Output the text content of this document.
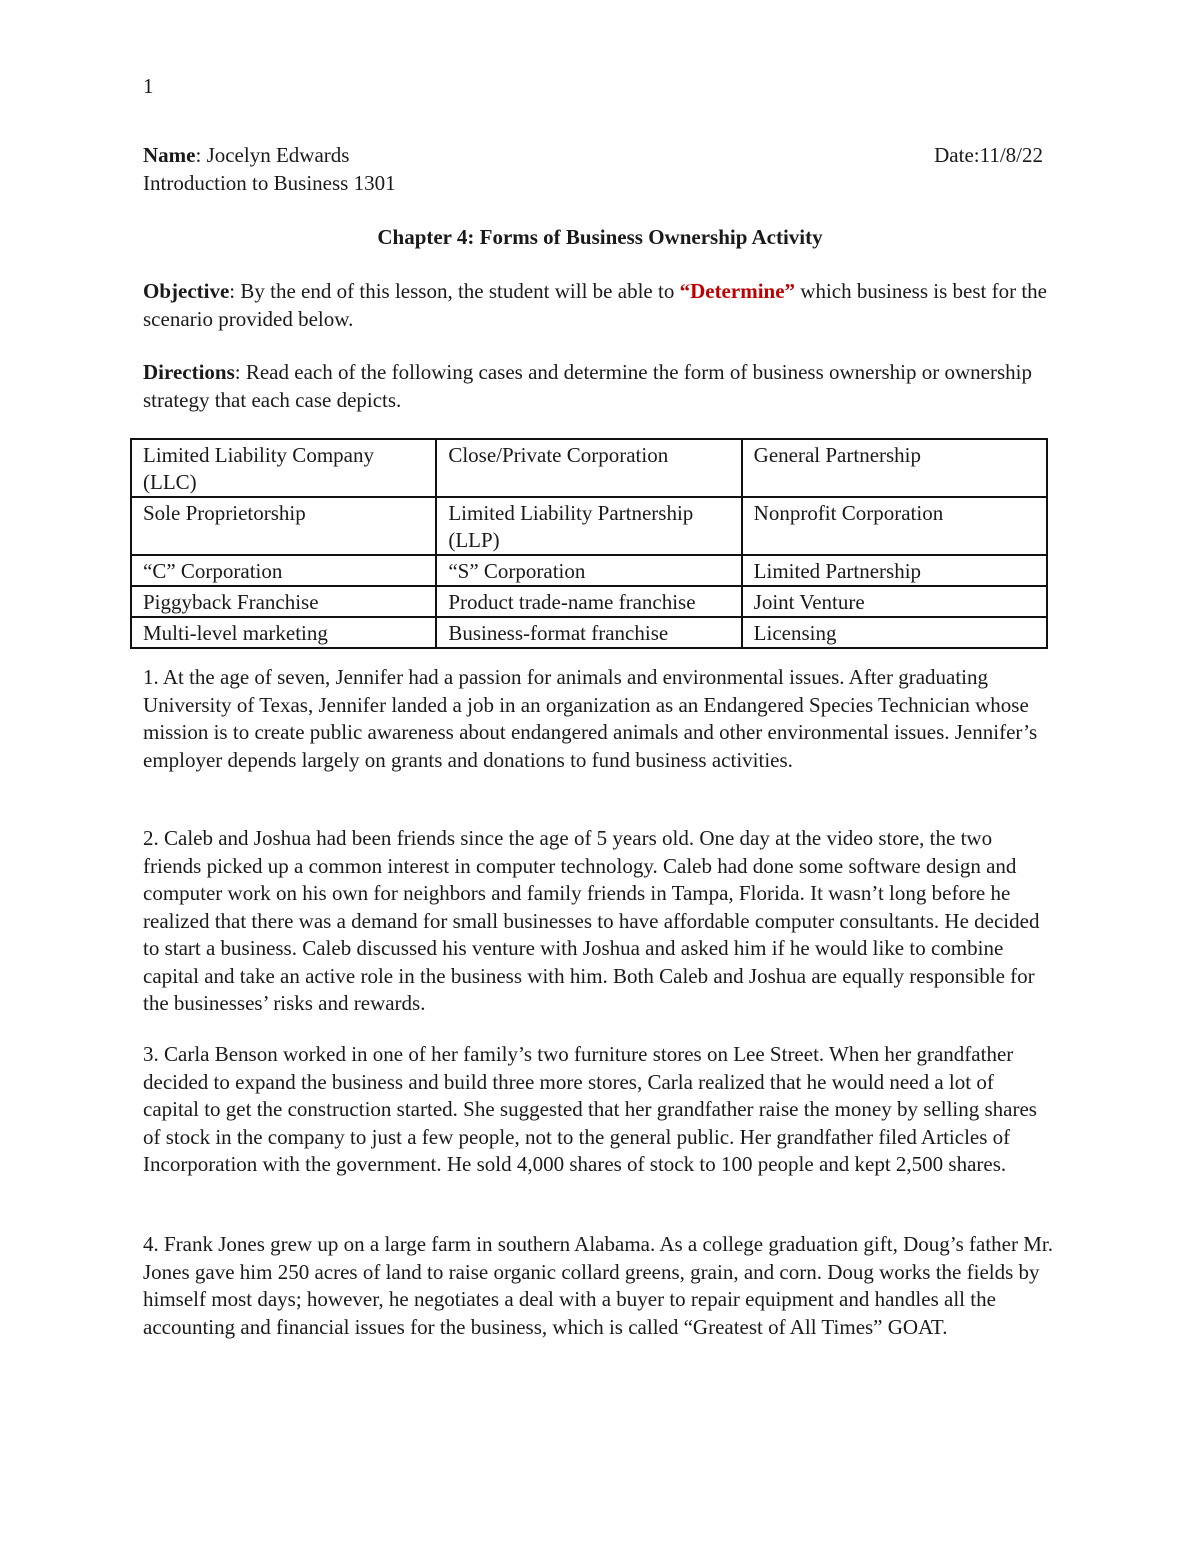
1
Name: Jocelyn Edwards	Date:11/8/22
Introduction to Business 1301
Chapter 4: Forms of Business Ownership Activity
Objective: By the end of this lesson, the student will be able to “Determine” which business is best for the scenario provided below.
Directions: Read each of the following cases and determine the form of business ownership or ownership strategy that each case depicts.
Limited Liability Company (LLC)	Close/Private Corporation	General Partnership
Sole Proprietorship	Limited Liability Partnership (LLP)	Nonprofit Corporation
“C” Corporation	“S” Corporation	Limited Partnership
Piggyback Franchise	Product trade-name franchise	Joint Venture
Multi-level marketing	Business-format franchise	Licensing
1. At the age of seven, Jennifer had a passion for animals and environmental issues. After graduating University of Texas, Jennifer landed a job in an organization as an Endangered Species Technician whose mission is to create public awareness about endangered animals and other environmental issues. Jennifer’s employer depends largely on grants and donations to fund business activities.
2. Caleb and Joshua had been friends since the age of 5 years old. One day at the video store, the two friends picked up a common interest in computer technology. Caleb had done some software design and computer work on his own for neighbors and family friends in Tampa, Florida. It wasn’t long before he realized that there was a demand for small businesses to have affordable computer consultants. He decided to start a business. Caleb discussed his venture with Joshua and asked him if he would like to combine capital and take an active role in the business with him. Both Caleb and Joshua are equally responsible for the businesses’ risks and rewards.
3. Carla Benson worked in one of her family’s two furniture stores on Lee Street. When her grandfather decided to expand the business and build three more stores, Carla realized that he would need a lot of capital to get the construction started. She suggested that her grandfather raise the money by selling shares of stock in the company to just a few people, not to the general public. Her grandfather filed Articles of Incorporation with the government. He sold 4,000 shares of stock to 100 people and kept 2,500 shares.
4. Frank Jones grew up on a large farm in southern Alabama. As a college graduation gift, Doug’s father Mr. Jones gave him 250 acres of land to raise organic collard greens, grain, and corn. Doug works the fields by himself most days; however, he negotiates a deal with a buyer to repair equipment and handles all the accounting and financial issues for the business, which is called “Greatest of All Times” GOAT.
